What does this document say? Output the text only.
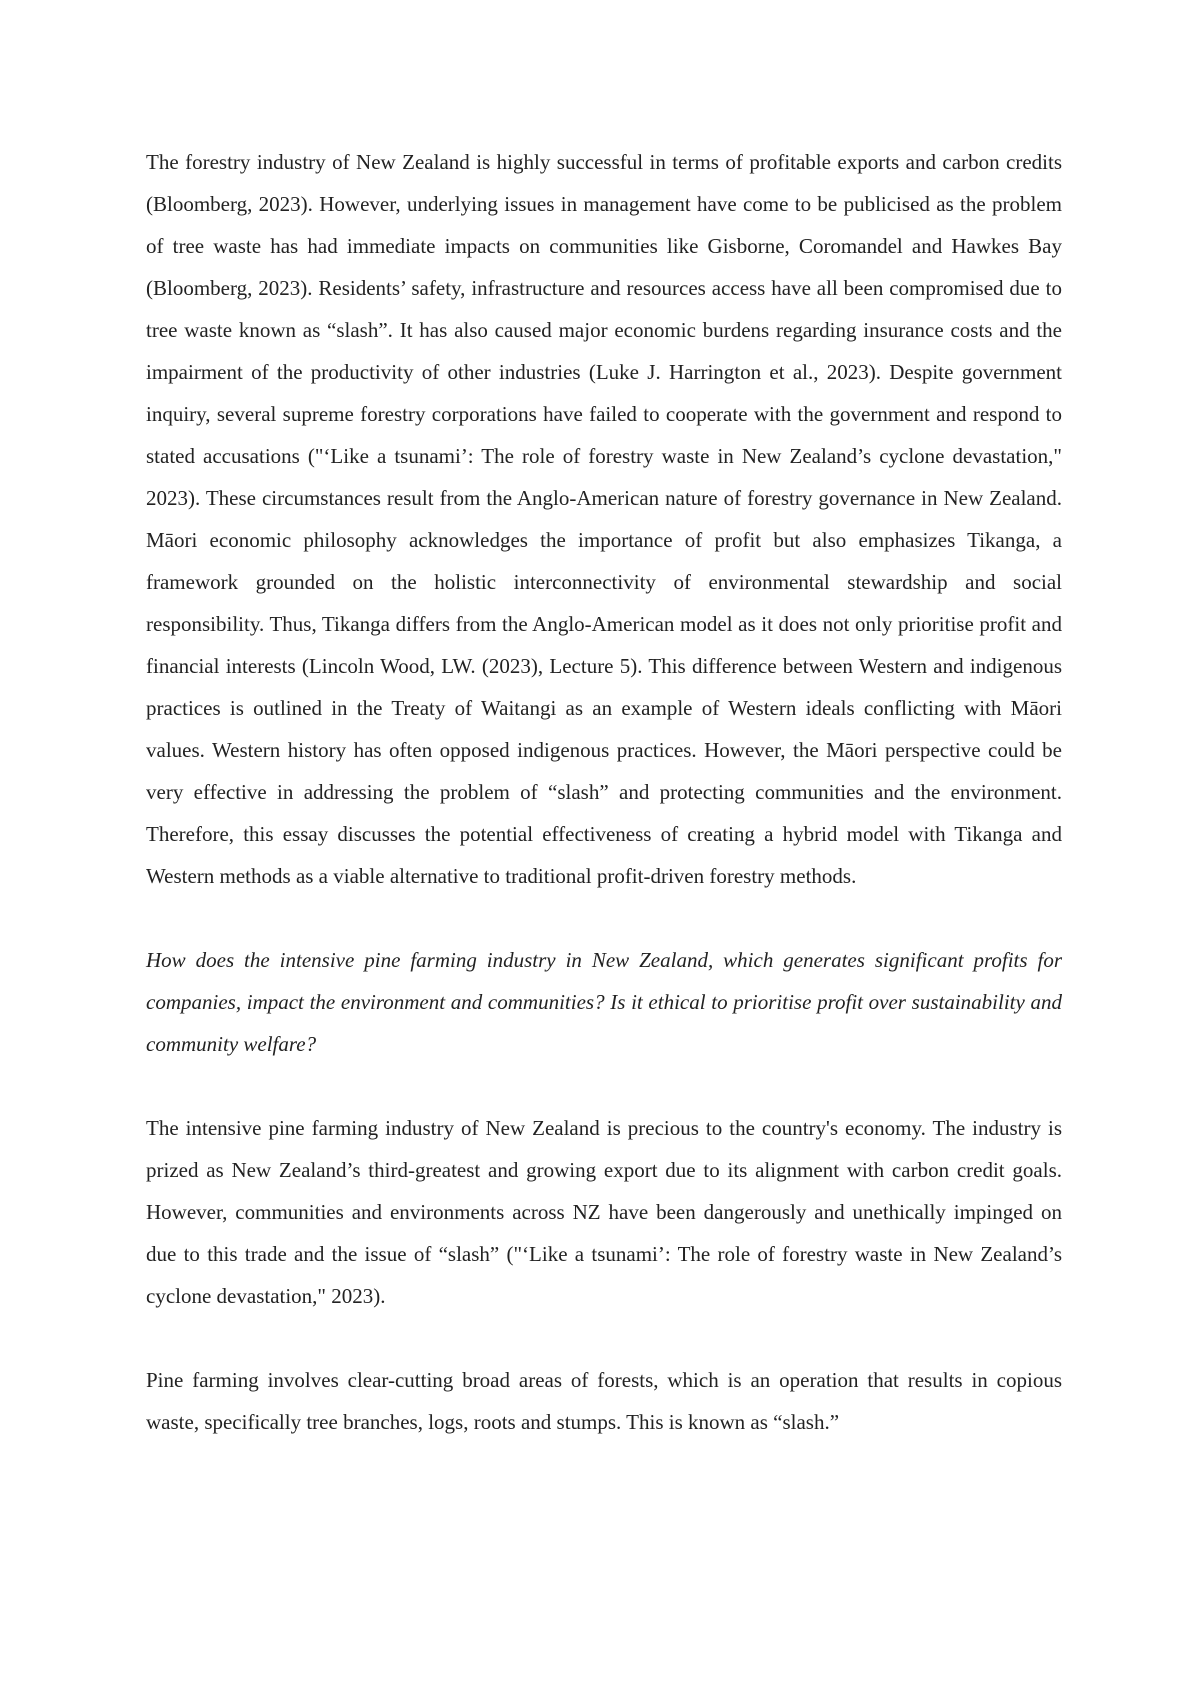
The forestry industry of New Zealand is highly successful in terms of profitable exports and carbon credits (Bloomberg, 2023). However, underlying issues in management have come to be publicised as the problem of tree waste has had immediate impacts on communities like Gisborne, Coromandel and Hawkes Bay (Bloomberg, 2023). Residents’ safety, infrastructure and resources access have all been compromised due to tree waste known as “slash”. It has also caused major economic burdens regarding insurance costs and the impairment of the productivity of other industries (Luke J. Harrington et al., 2023). Despite government inquiry, several supreme forestry corporations have failed to cooperate with the government and respond to stated accusations ("‘Like a tsunami’: The role of forestry waste in New Zealand’s cyclone devastation," 2023). These circumstances result from the Anglo-American nature of forestry governance in New Zealand. Māori economic philosophy acknowledges the importance of profit but also emphasizes Tikanga, a framework grounded on the holistic interconnectivity of environmental stewardship and social responsibility. Thus, Tikanga differs from the Anglo-American model as it does not only prioritise profit and financial interests (Lincoln Wood, LW. (2023), Lecture 5). This difference between Western and indigenous practices is outlined in the Treaty of Waitangi as an example of Western ideals conflicting with Māori values. Western history has often opposed indigenous practices. However, the Māori perspective could be very effective in addressing the problem of “slash” and protecting communities and the environment. Therefore, this essay discusses the potential effectiveness of creating a hybrid model with Tikanga and Western methods as a viable alternative to traditional profit-driven forestry methods.

How does the intensive pine farming industry in New Zealand, which generates significant profits for companies, impact the environment and communities? Is it ethical to prioritise profit over sustainability and community welfare?

The intensive pine farming industry of New Zealand is precious to the country's economy. The industry is prized as New Zealand’s third-greatest and growing export due to its alignment with carbon credit goals. However, communities and environments across NZ have been dangerously and unethically impinged on due to this trade and the issue of “slash” ("‘Like a tsunami’: The role of forestry waste in New Zealand’s cyclone devastation," 2023).

Pine farming involves clear-cutting broad areas of forests, which is an operation that results in copious waste, specifically tree branches, logs, roots and stumps. This is known as “slash.”
